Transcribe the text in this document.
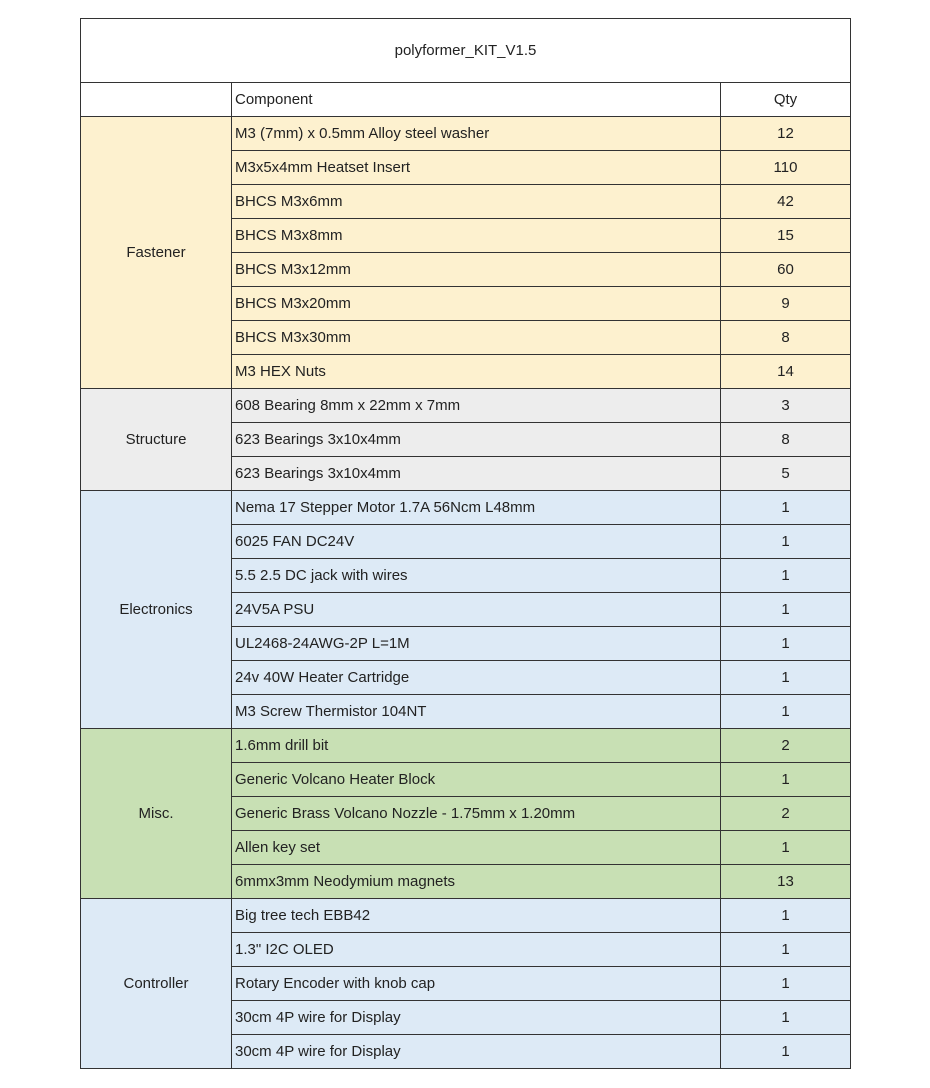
polyformer_KIT_V1.5		
	Component	Qty
Fastener	M3 (7mm) x 0.5mm Alloy steel washer	12
	M3x5x4mm Heatset Insert	110
	BHCS M3x6mm	42
	BHCS M3x8mm	15
	BHCS M3x12mm	60
	BHCS M3x20mm	9
	BHCS M3x30mm	8
	M3 HEX Nuts	14
Structure	608 Bearing 8mm x 22mm x 7mm	3
	623 Bearings 3x10x4mm	8
	623 Bearings 3x10x4mm	5
Electronics	Nema 17 Stepper Motor 1.7A 56Ncm L48mm	1
	6025 FAN DC24V	1
	5.5 2.5 DC jack with wires	1
	24V5A PSU	1
	UL2468-24AWG-2P L=1M	1
	24v 40W Heater Cartridge	1
	M3 Screw Thermistor 104NT	1
Misc.	1.6mm drill bit	2
	Generic Volcano Heater Block	1
	Generic Brass Volcano Nozzle - 1.75mm x 1.20mm	2
	Allen key set	1
	6mmx3mm Neodymium magnets	13
Controller	Big tree tech EBB42	1
	1.3" I2C OLED	1
	Rotary Encoder with knob cap	1
	30cm 4P wire for Display	1
	30cm 4P wire for Display	1
